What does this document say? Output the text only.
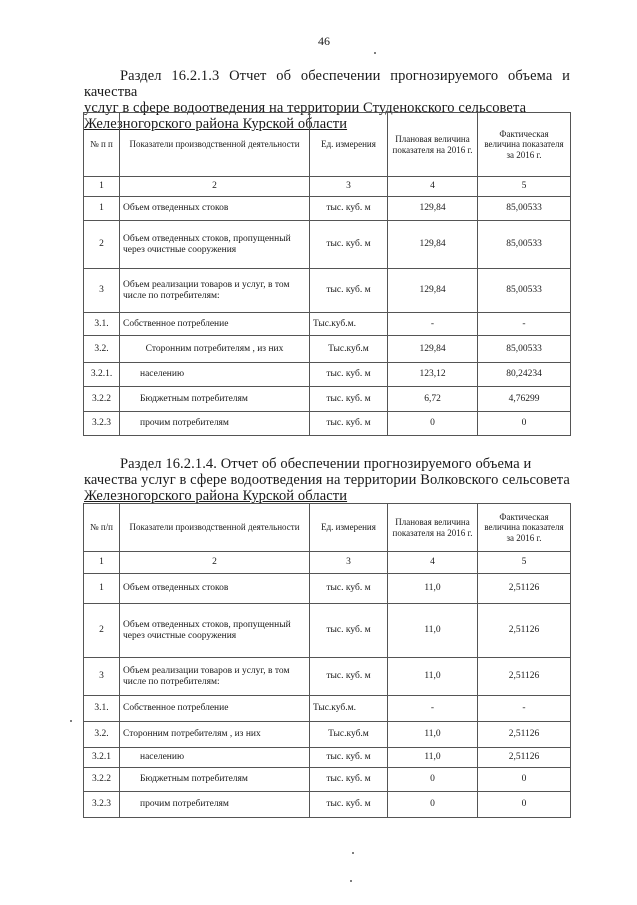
46
Раздел 16.2.1.3 Отчет об обеспечении прогнозируемого объема и качества
услуг в сфере водоотведения на территории Студенокского сельсовета
Железногорского района Курской области
№ п п	Показатели производственной деятельности	Ед. измерения	Плановая величина показателя на 2016 г.	Фактическая величина показателя за 2016 г.
1	2	3	4	5
1	Объем отведенных стоков	тыс. куб. м	129,84	85,00533
2	Объем отведенных стоков, пропущенный через очистные сооружения	тыс. куб. м	129,84	85,00533
3	Объем реализации товаров и услуг, в том числе по потребителям:	тыс. куб. м	129,84	85,00533
3.1.	Собственное потребление	Тыс.куб.м.	-	-
3.2.	Сторонним потребителям , из них	Тыс.куб.м	129,84	85,00533
3.2.1.	населению	тыс. куб. м	123,12	80,24234
3.2.2	Бюджетным потребителям	тыс. куб. м	6,72	4,76299
3.2.3	прочим потребителям	тыс. куб. м	0	0
Раздел 16.2.1.4. Отчет об обеспечении прогнозируемого объема и
качества услуг в сфере водоотведения на территории Волковского сельсовета
Железногорского района Курской области
№ п/п	Показатели производственной деятельности	Ед. измерения	Плановая величина показателя на 2016 г.	Фактическая величина показателя за 2016 г.
1	2	3	4	5
1	Объем отведенных стоков	тыс. куб. м	11,0	2,51126
2	Объем отведенных стоков, пропущенный через очистные сооружения	тыс. куб. м	11,0	2,51126
3	Объем реализации товаров и услуг, в том числе по потребителям:	тыс. куб. м	11,0	2,51126
3.1.	Собственное потребление	Тыс.куб.м.	-	-
3.2.	Сторонним потребителям , из них	Тыс.куб.м	11,0	2,51126
3.2.1	населению	тыс. куб. м	11,0	2,51126
3.2.2	Бюджетным потребителям	тыс. куб. м	0	0
3.2.3	прочим потребителям	тыс. куб. м	0	0
